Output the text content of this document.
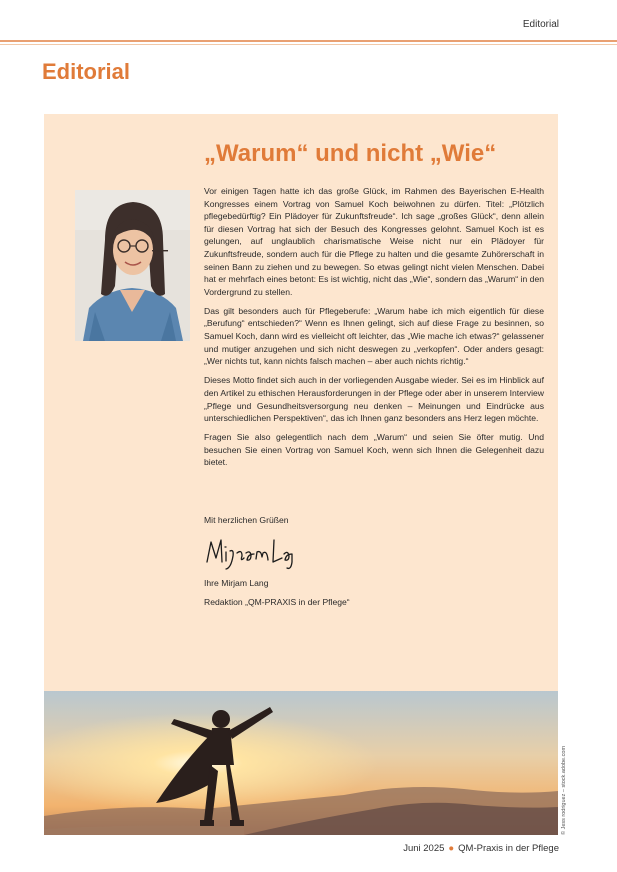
Editorial
Editorial
„Warum“ und nicht „Wie“

Vor einigen Tagen hatte ich das große Glück, im Rahmen des Bayerischen E-Health Kongresses einem Vortrag von Samuel Koch beiwohnen zu dürfen. Titel: „Plötzlich pflegebedürftig? Ein Plädoyer für Zukunftsfreude“. Ich sage „großes Glück“, denn allein für diesen Vortrag hat sich der Besuch des Kongresses gelohnt. Samuel Koch ist es gelungen, auf unglaublich charismatische Weise nicht nur ein Plädoyer für Zukunftsfreude, sondern auch für die Pflege zu halten und die gesamte Zuhörerschaft in seinen Bann zu ziehen und zu bewegen. So etwas gelingt nicht vielen Menschen. Dabei hat er mehrfach eines betont: Es ist wichtig, nicht das „Wie“, sondern das „Warum“ in den Vordergrund zu stellen.

Das gilt besonders auch für Pflegeberufe: „Warum habe ich mich eigentlich für diese „Berufung“ entschieden?“ Wenn es Ihnen gelingt, sich auf diese Frage zu besinnen, so Samuel Koch, dann wird es vielleicht oft leichter, das „Wie mache ich etwas?“ gelassener und mutiger anzugehen und sich nicht deswegen zu „verkopfen“. Oder anders gesagt: „Wer nichts tut, kann nichts falsch machen – aber auch nichts richtig.“

Dieses Motto findet sich auch in der vorliegenden Ausgabe wieder. Sei es im Hinblick auf den Artikel zu ethischen Herausforderungen in der Pflege oder aber in unserem Interview „Pflege und Gesundheitsversorgung neu denken – Meinungen und Eindrücke aus unterschiedlichen Perspektiven“, das ich Ihnen ganz besonders ans Herz legen möchte.

Fragen Sie also gelegentlich nach dem „Warum“ und seien Sie öfter mutig. Und besuchen Sie einen Vortrag von Samuel Koch, wenn sich Ihnen die Gelegenheit dazu bietet.

Mit herzlichen Grüßen

Ihre Mirjam Lang

Redaktion „QM-PRAXIS in der Pflege“

© Jess rodriguez – stock.adobe.com
Juni 2025 ● QM-Praxis in der Pflege
